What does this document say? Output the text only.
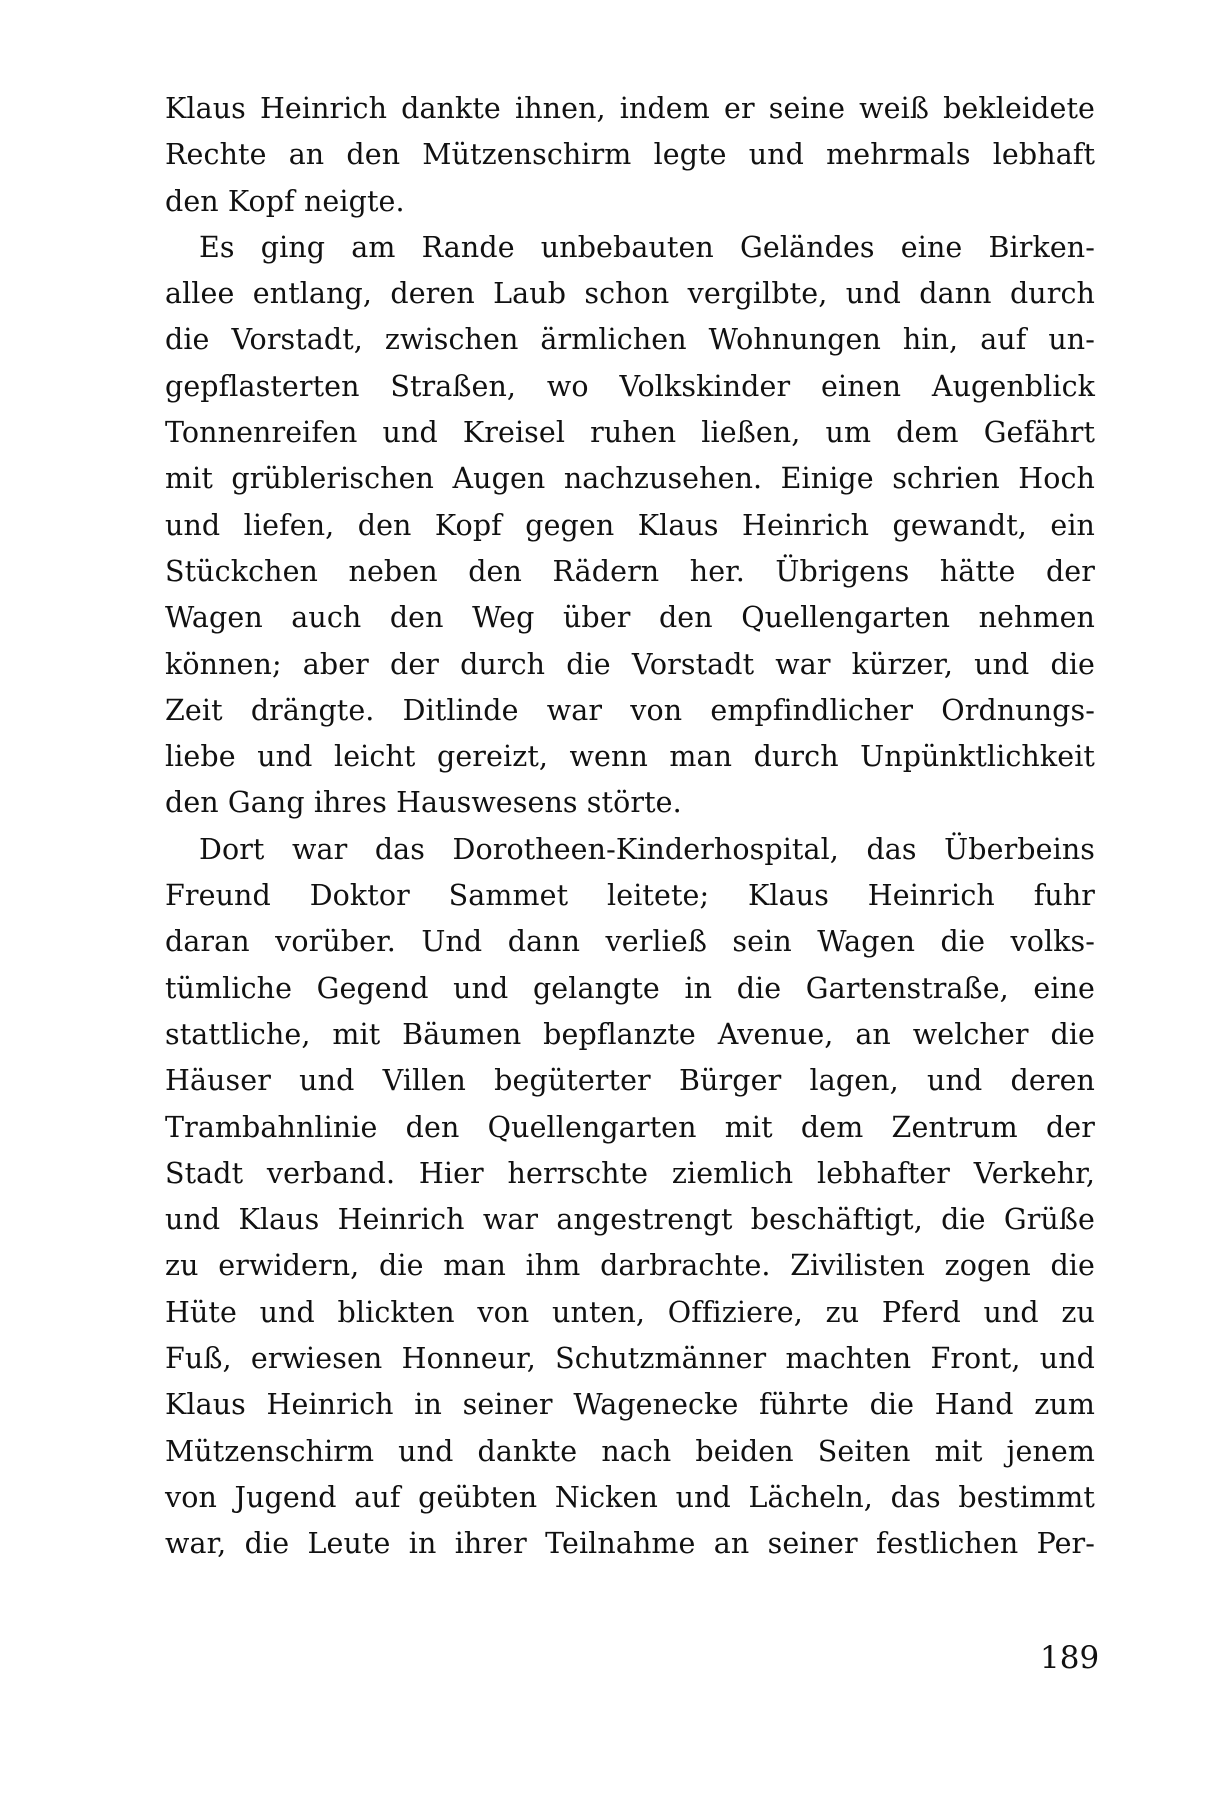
Klaus Heinrich dankte ihnen, indem er seine weiß bekleidete
Rechte an den Mützenschirm legte und mehrmals lebhaft
den Kopf neigte.
Es ging am Rande unbebauten Geländes eine Birken-
allee entlang, deren Laub schon vergilbte, und dann durch
die Vorstadt, zwischen ärmlichen Wohnungen hin, auf un-
gepflasterten Straßen, wo Volkskinder einen Augenblick
Tonnenreifen und Kreisel ruhen ließen, um dem Gefährt
mit grüblerischen Augen nachzusehen. Einige schrien Hoch
und liefen, den Kopf gegen Klaus Heinrich gewandt, ein
Stückchen neben den Rädern her. Übrigens hätte der
Wagen auch den Weg über den Quellengarten nehmen
können; aber der durch die Vorstadt war kürzer, und die
Zeit drängte. Ditlinde war von empfindlicher Ordnungs-
liebe und leicht gereizt, wenn man durch Unpünktlichkeit
den Gang ihres Hauswesens störte.
Dort war das Dorotheen-Kinderhospital, das Überbeins
Freund Doktor Sammet leitete; Klaus Heinrich fuhr
daran vorüber. Und dann verließ sein Wagen die volks-
tümliche Gegend und gelangte in die Gartenstraße, eine
stattliche, mit Bäumen bepflanzte Avenue, an welcher die
Häuser und Villen begüterter Bürger lagen, und deren
Trambahnlinie den Quellengarten mit dem Zentrum der
Stadt verband. Hier herrschte ziemlich lebhafter Verkehr,
und Klaus Heinrich war angestrengt beschäftigt, die Grüße
zu erwidern, die man ihm darbrachte. Zivilisten zogen die
Hüte und blickten von unten, Offiziere, zu Pferd und zu
Fuß, erwiesen Honneur, Schutzmänner machten Front, und
Klaus Heinrich in seiner Wagenecke führte die Hand zum
Mützenschirm und dankte nach beiden Seiten mit jenem
von Jugend auf geübten Nicken und Lächeln, das bestimmt
war, die Leute in ihrer Teilnahme an seiner festlichen Per-
189
